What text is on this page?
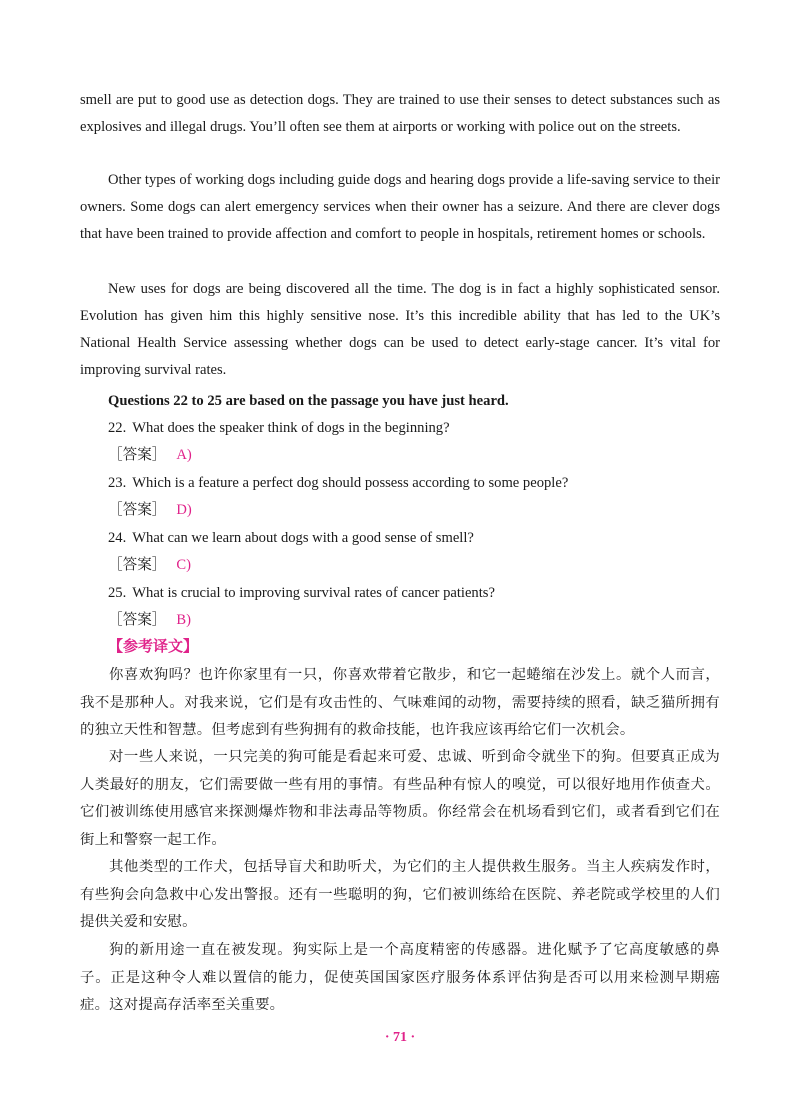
smell are put to good use as detection dogs. They are trained to use their senses to detect substances such as explosives and illegal drugs. You’ll often see them at airports or working with police out on the streets.

Other types of working dogs including guide dogs and hearing dogs provide a life-saving service to their owners. Some dogs can alert emergency services when their owner has a seizure. And there are clever dogs that have been trained to provide affection and comfort to people in hospitals, retirement homes or schools.

New uses for dogs are being discovered all the time. The dog is in fact a highly sophisticated sensor. Evolution has given him this highly sensitive nose. It’s this incredible ability that has led to the UK’s National Health Service assessing whether dogs can be used to detect early-stage cancer. It’s vital for improving survival rates.

Questions 22 to 25 are based on the passage you have just heard.

22. What does the speaker think of dogs in the beginning?

［答案］ A)

23. Which is a feature a perfect dog should possess according to some people?

［答案］ D)

24. What can we learn about dogs with a good sense of smell?

［答案］ C)

25. What is crucial to improving survival rates of cancer patients?

［答案］ B)

【参考译文】

你喜欢狗吗？也许你家里有一只，你喜欢带着它散步，和它一起蜷缩在沙发上。就个人而言，我不是那种人。对我来说，它们是有攻击性的、气味难闻的动物，需要持续的照看，缺乏猫所拥有的独立天性和智慧。但考虑到有些狗拥有的救命技能，也许我应该再给它们一次机会。

对一些人来说，一只完美的狗可能是看起来可爱、忠诚、听到命令就坐下的狗。但要真正成为人类最好的朋友，它们需要做一些有用的事情。有些品种有惊人的嗅觉，可以很好地用作侦查犬。它们被训练使用感官来探测爆炸物和非法毒品等物质。你经常会在机场看到它们，或者看到它们在街上和警察一起工作。

其他类型的工作犬，包括导盲犬和助听犬，为它们的主人提供救生服务。当主人疾病发作时，有些狗会向急救中心发出警报。还有一些聪明的狗，它们被训练给在医院、养老院或学校里的人们提供关爱和安慰。

狗的新用途一直在被发现。狗实际上是一个高度精密的传感器。进化赋予了它高度敏感的鼻子。正是这种令人难以置信的能力，促使英国国家医疗服务体系评估狗是否可以用来检测早期癌症。这对提高存活率至关重要。

· 71 ·
